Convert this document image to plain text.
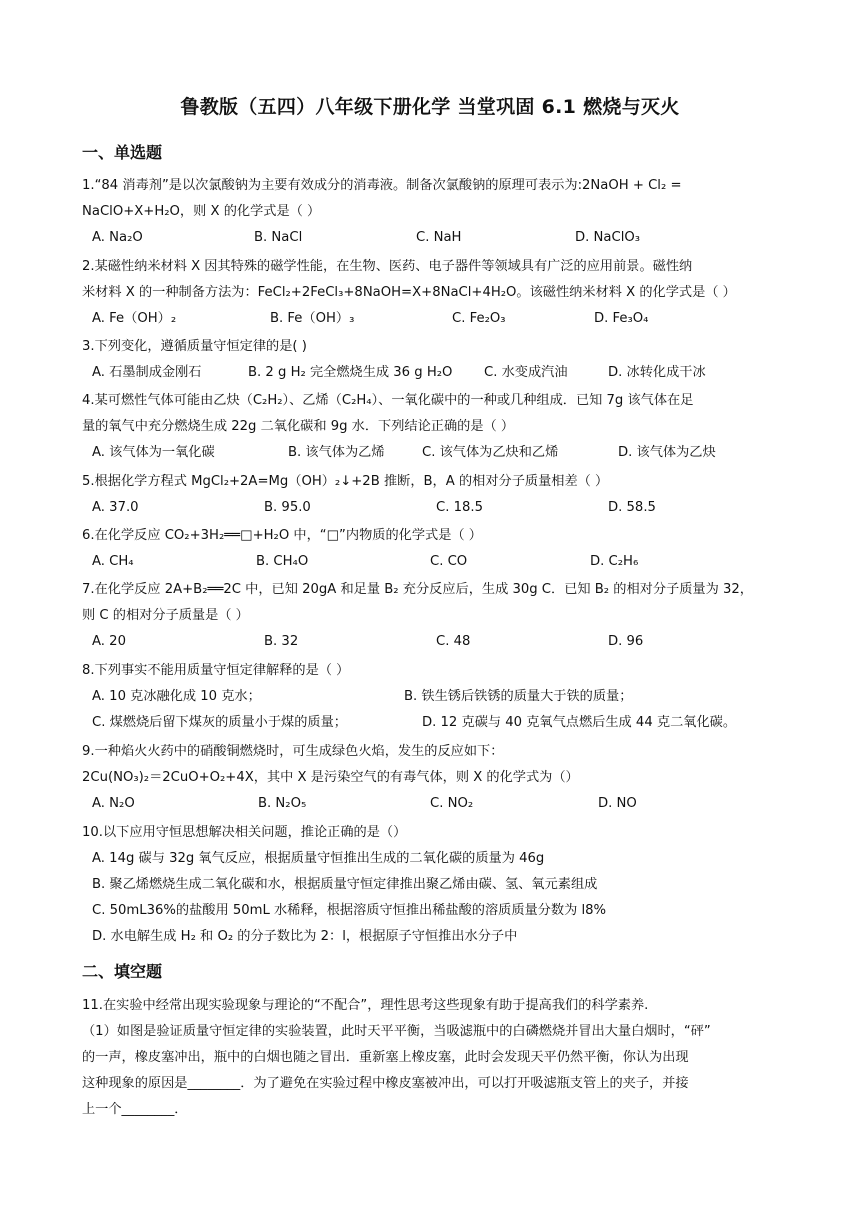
鲁教版（五四）八年级下册化学 当堂巩固 6.1 燃烧与灭火
一、单选题
1.“84 消毒剂”是以次氯酸钠为主要有效成分的消毒液。制备次氯酸钠的原理可表示为:2NaOH + Cl₂ =
NaClO+X+H₂O，则 X 的化学式是（ ）
A. Na₂O	B. NaCl	C. NaH	D. NaClO₃
2.某磁性纳米材料 X 因其特殊的磁学性能，在生物、医药、电子器件等领域具有广泛的应用前景。磁性纳
米材料 X 的一种制备方法为：FeCl₂+2FeCl₃+8NaOH=X+8NaCl+4H₂O。该磁性纳米材料 X 的化学式是（ ）
A. Fe（OH）₂	B. Fe（OH）₃	C. Fe₂O₃	D. Fe₃O₄
3.下列变化，遵循质量守恒定律的是( )
A. 石墨制成金刚石	B. 2 g H₂ 完全燃烧生成 36 g H₂O C. 水变成汽油	D. 冰转化成干冰
4.某可燃性气体可能由乙炔（C₂H₂）、乙烯（C₂H₄）、一氧化碳中的一种或几种组成．已知 7g 该气体在足
量的氧气中充分燃烧生成 22g 二氧化碳和 9g 水．下列结论正确的是（ ）
A. 该气体为一氧化碳	B. 该气体为乙烯	C. 该气体为乙炔和乙烯	D. 该气体为乙炔
5.根据化学方程式 MgCl₂+2A=Mg（OH）₂↓+2B 推断，B，A 的相对分子质量相差（ ）
A. 37.0	B. 95.0	C. 18.5	D. 58.5
6.在化学反应 CO₂+3H₂══□+H₂O 中，“□”内物质的化学式是（ ）
A. CH₄	B. CH₄O	C. CO	D. C₂H₆
7.在化学反应 2A+B₂══2C 中，已知 20gA 和足量 B₂ 充分反应后，生成 30g C．已知 B₂ 的相对分子质量为 32，
则 C 的相对分子质量是（ ）
A. 20	B. 32	C. 48	D. 96
8.下列事实不能用质量守恒定律解释的是（ ）
A. 10 克冰融化成 10 克水；	B. 铁生锈后铁锈的质量大于铁的质量；
C. 煤燃烧后留下煤灰的质量小于煤的质量；	D. 12 克碳与 40 克氧气点燃后生成 44 克二氧化碳。
9.一种焰火火药中的硝酸铜燃烧时，可生成绿色火焰，发生的反应如下：
2Cu(NO₃)₂＝2CuO+O₂+4X，其中 X 是污染空气的有毒气体，则 X 的化学式为（）
A. N₂O	B. N₂O₅	C. NO₂	D. NO
10.以下应用守恒思想解决相关问题，推论正确的是（）
A. 14g 碳与 32g 氧气反应，根据质量守恒推出生成的二氧化碳的质量为 46g
B. 聚乙烯燃烧生成二氧化碳和水，根据质量守恒定律推出聚乙烯由碳、氢、氧元素组成
C. 50mL36%的盐酸用 50mL 水稀释，根据溶质守恒推出稀盐酸的溶质质量分数为 l8%
D. 水电解生成 H₂ 和 O₂ 的分子数比为 2：l，根据原子守恒推出水分子中
二、填空题
11.在实验中经常出现实验现象与理论的“不配合”，理性思考这些现象有助于提高我们的科学素养.
（1）如图是验证质量守恒定律的实验装置，此时天平平衡，当吸滤瓶中的白磷燃烧并冒出大量白烟时，“砰”
的一声，橡皮塞冲出，瓶中的白烟也随之冒出．重新塞上橡皮塞，此时会发现天平仍然平衡，你认为出现
这种现象的原因是________．为了避免在实验过程中橡皮塞被冲出，可以打开吸滤瓶支管上的夹子，并接
上一个________．
